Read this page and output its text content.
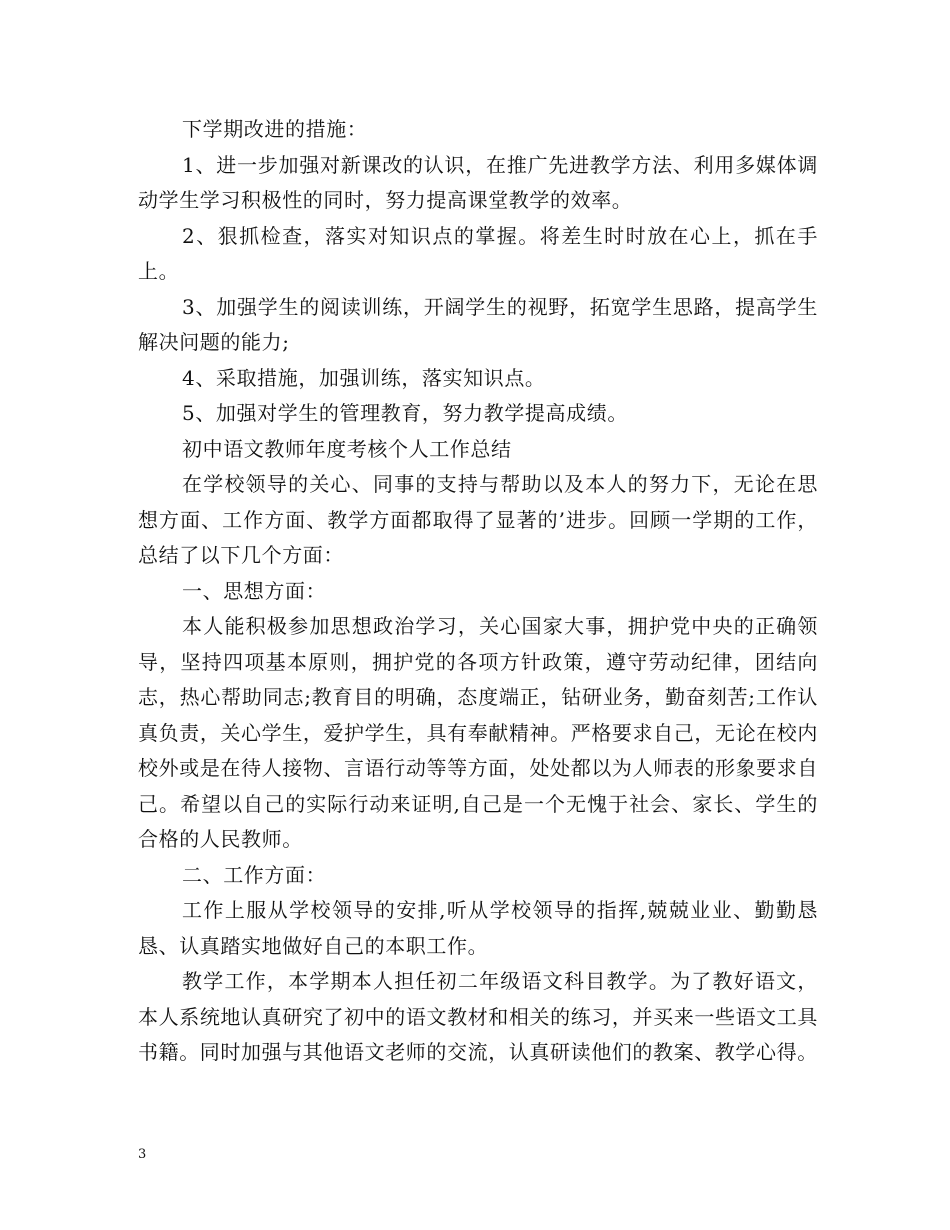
下学期改进的措施：

1、进一步加强对新课改的认识，在推广先进教学方法、利用多媒体调动学生学习积极性的同时，努力提高课堂教学的效率。

2、狠抓检查，落实对知识点的掌握。将差生时时放在心上，抓在手上。

3、加强学生的阅读训练，开阔学生的视野，拓宽学生思路，提高学生解决问题的能力;

4、采取措施，加强训练，落实知识点。

5、加强对学生的管理教育，努力教学提高成绩。

初中语文教师年度考核个人工作总结

在学校领导的关心、同事的支持与帮助以及本人的努力下，无论在思想方面、工作方面、教学方面都取得了显著的’进步。回顾一学期的工作，总结了以下几个方面：

一、思想方面：

本人能积极参加思想政治学习，关心国家大事，拥护党中央的正确领导，坚持四项基本原则，拥护党的各项方针政策，遵守劳动纪律，团结向志，热心帮助同志;教育目的明确，态度端正，钻研业务，勤奋刻苦;工作认真负责，关心学生，爱护学生，具有奉献精神。严格要求自己，无论在校内校外或是在待人接物、言语行动等等方面，处处都以为人师表的形象要求自己。希望以自己的实际行动来证明,自己是一个无愧于社会、家长、学生的合格的人民教师。

二、工作方面：

工作上服从学校领导的安排,听从学校领导的指挥,兢兢业业、勤勤恳恳、认真踏实地做好自己的本职工作。

教学工作，本学期本人担任初二年级语文科目教学。为了教好语文，本人系统地认真研究了初中的语文教材和相关的练习，并买来一些语文工具书籍。同时加强与其他语文老师的交流，认真研读他们的教案、教学心得。

3
